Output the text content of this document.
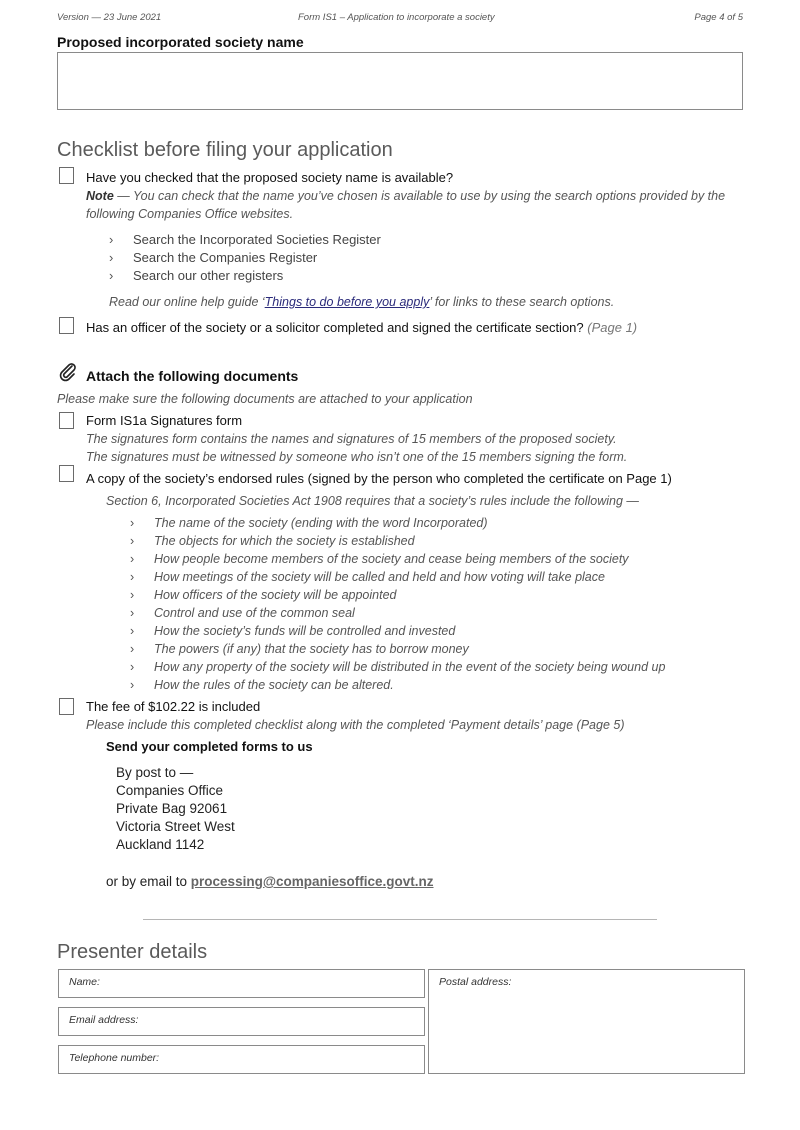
Version — 23 June 2021	Form IS1 – Application to incorporate a society	Page 4 of 5
Proposed incorporated society name
Checklist before filing your application
Have you checked that the proposed society name is available?
Note — You can check that the name you’ve chosen is available to use by using the search options provided by the following Companies Office websites.
› Search the Incorporated Societies Register
› Search the Companies Register
› Search our other registers
Read our online help guide ‘Things to do before you apply’ for links to these search options.
Has an officer of the society or a solicitor completed and signed the certificate section? (Page 1)
Attach the following documents
Please make sure the following documents are attached to your application
Form IS1a Signatures form
The signatures form contains the names and signatures of 15 members of the proposed society.
The signatures must be witnessed by someone who isn’t one of the 15 members signing the form.
A copy of the society’s endorsed rules (signed by the person who completed the certificate on Page 1)
Section 6, Incorporated Societies Act 1908 requires that a society’s rules include the following —
› The name of the society (ending with the word Incorporated)
› The objects for which the society is established
› How people become members of the society and cease being members of the society
› How meetings of the society will be called and held and how voting will take place
› How officers of the society will be appointed
› Control and use of the common seal
› How the society’s funds will be controlled and invested
› The powers (if any) that the society has to borrow money
› How any property of the society will be distributed in the event of the society being wound up
› How the rules of the society can be altered.
The fee of $102.22 is included
Please include this completed checklist along with the completed ‘Payment details’ page (Page 5)
Send your completed forms to us
By post to —
Companies Office
Private Bag 92061
Victoria Street West
Auckland 1142
or by email to processing@companiesoffice.govt.nz
Presenter details
Name:
Email address:
Telephone number:
Postal address:
